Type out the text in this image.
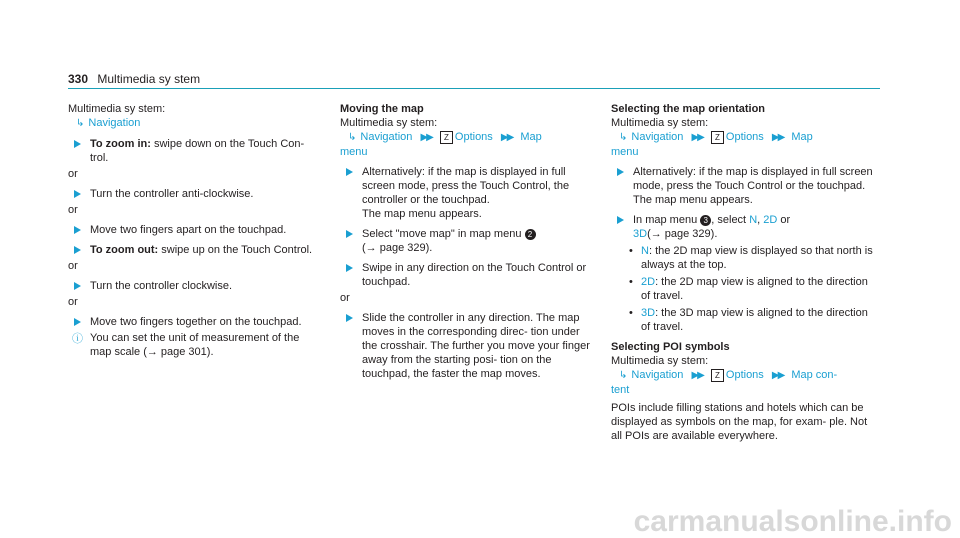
330 Multimedia sy stem

Multimedia sy stem:

↳ Navigation

To zoom in: swipe down on the Touch Con- trol.

or

Turn the controller anti-clockwise.

or

Move two fingers apart on the touchpad.
To zoom out: swipe up on the Touch Control.

or

Turn the controller clockwise.

or

Move two fingers together on the touchpad.
ⓘ You can set the unit of measurement of the map scale (→ page 301).

Moving the map

Multimedia sy stem:

↳ Navigation ▶▶ Z Options ▶▶ Map
menu

Alternatively: if the map is displayed in full screen mode, press the Touch Control, the controller or the touchpad.
The map menu appears.
Select "move map" in map menu 2
(→ page 329).
Swipe in any direction on the Touch Control or touchpad.

or

Slide the controller in any direction. The map moves in the corresponding direc- tion under the crosshair. The further you move your finger away from the starting posi- tion on the touchpad, the faster the map moves.

Selecting the map orientation

Multimedia sy stem:

↳ Navigation ▶▶ Z Options ▶▶ Map
menu

Alternatively: if the map is displayed in full screen mode, press the Touch Control or the touchpad.
The map menu appears.
In map menu 3 , select N, 2D or
3D(→ page 329).
• N: the 2D map view is displayed so that north is always at the top.
• 2D: the 2D map view is aligned to the direction of travel.
• 3D: the 3D map view is aligned to the direction of travel.

Selecting POI symbols

Multimedia sy stem:

↳ Navigation ▶▶ Z Options ▶▶ Map con-
tent

POIs include filling stations and hotels which can be displayed as symbols on the map, for exam- ple. Not all POIs are available everywhere.

carmanualsonline.info
